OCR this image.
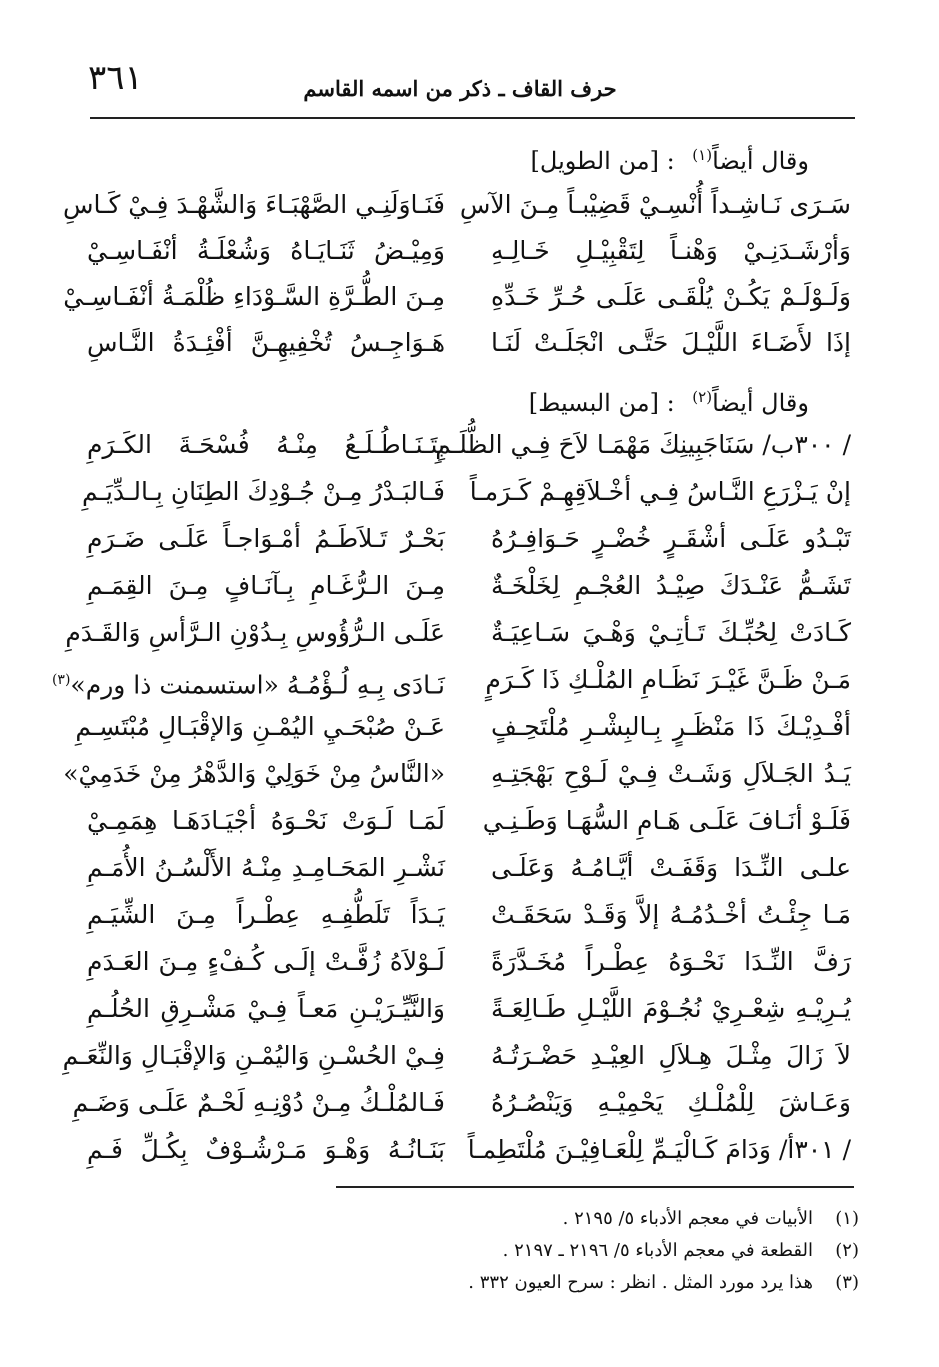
٣٦١	حرف القاف ـ ذكر من اسمه القاسم
وقال أيضاً$^{(١)}$ : [من الطويل]
سَـرَى نَـاشِـداً أُنْسِـيْ قَضِيْبـاً مِـنَ الآسِ
وَأرْشَـدَنِـيْ وَهْنـاً لِتَقْبِيْـلِ خَـالِـهِ
وَلَـوْلَـمْ يَكُـنْ يُلْقَـى عَلَـى حُـرِّ خَـدِّهِ
إذَا لأَضَـاءَ اللَّيْـلَ حَتَّـى انْجَلَـتْ لَنَـا
فَنَـاوَلَنِـي الصَّهْبَـاءَ وَالشَّهْـدَ فِـيْ كَـاسِ
وَمِيْـضُ ثَنَـايَـاهُ وَشُعْلَـةُ أنْفَـاسِـيْ
مِـنَ الطُّـرَّةِ السَّـوْدَاءِ ظُلْمَـةُ أنْفَـاسِـيْ
هَـوَاجِـسُ تُخْفِيهِـنَّ أفْئِـدَةُ النَّـاسِ
وقال أيضاً$^{(٢)}$ : [من البسيط]
/ ٣٠٠ب/ سَنَاجَبِينِكَ مَهْمَـا لاَحَ فِـي الظُّلَـمِ
إنْ يَـزْرَعِ النَّـاسُ فِـي أخْـلاَقِهِـمْ كَـرَمـاً
تَبْـدُو عَلَـى أشْقَـرٍ خُضْـرٍ حَـوَافِـرُهُ
تَشَـمُّ عَنْـدَكَ صِيْـدُ العُجْـمِ لِخَلْخَـةٌ
كَـادَتْ لِحُبِّـكَ تَـأتِـيْ وَهْـيَ سَـاعِيَـةٌ
مَـنْ ظَـنَّ غَيْـرَ نَظَـامِ المُلْـكِ ذَا كَـرَمٍ
أفْـدِيْـكَ ذَا مَنْظَـرٍ بِـالبِشْـرِ مُلْتَحِـفٍ
يَـدُ الجَـلاَلِ وَشَـتْ فِـيْ لَـوْحِ بَهْجَتِـهِ
فَلَـوْ أنَـافَ عَلَـى هَـامِ السُّهَـا وَطَـنِـي
علـى النِّـدَا وَقَفَـتْ أيَّـامُـهُ وَعَلَـى
مَـا جِئْـتُ أخْـدُمُـهُ إلاَّ وَقَـدْ سَحَقَـتْ
رَفَّ النِّـدَا نَحْـوَهُ عِطْـراً مُخَـدَّرَةً
يُـرِيْـهِ شِعْـرِيْ نُجُـوْمَ اللَّيْـلِ طَـالِعَـةً
لاَ زَالَ مِثْـلَ هِـلاَلِ العِيْـدِ حَضْـرَتُـهُ
وَعَـاشَ لِلْمُلْـكِ يَحْمِيْـهِ وَيَنْصُـرُهُ
/ ٣٠١أ/ وَدَامَ كَـالْيَـمِّ لِلْعَـافِيْـنَ مُلْتَطِمـاً
بِتَـنَـاطُـلَـعُ مِنْـهُ فُسْحَـةَ الكَـرَمِ
فَـالبَـدْرُ مِـنْ جُـوْدِكَ الطِنَانِ بِـالـدِّيَـمِ
بَحْـرٌ تَـلاَطَـمُ أمْـوَاجـاً عَلَـى ضَـرَمِ
مِـنَ الـرُّغَـامِ بِـآنَـافٍ مِـنَ القِمَـمِ
عَلَـى الـرُّؤُوسِ بِـدُوْنِ الـرَّأسِ وَالقَـدَمِ
نَـادَى بِـهِ لُـؤْمُـهُ «استسمنت ذا ورم»$^{(٣)}$
عَـنْ صُبْحَـيِ اليُمْـنِ وَالإقْبَـالِ مُبْتَسِـمِ
«النَّاسُ مِنْ خَوَلِيْ وَالدَّهْرُ مِنْ خَدَمِيْ»
لَمَـا لَـوَتْ نَحْـوَهُ أجْيَـادَهَـا هِمَمِـيْ
نَشْـرِ المَحَـامِـدِ مِنْـهُ الأَلْسُـنُ الأُمَـمِ
يَـدَاً تَلَطُّفِـهِ عِطْـراً مِـنَ الشِّيَـمِ
لَـوْلاَهُ زُفَّـتْ إلَـى كُـفْءٍ مِـنَ العَـدَمِ
وَالنَّيِّـرَيْـنِ مَعـاً فِـيْ مَشْـرِقِ الحُلُـمِ
فِـيْ الحُسْـنِ وَاليُمْـنِ وَالإقْبَـالِ وَالنِّعَـمِ
فَـالمُلْـكُ مِـنْ دُوْنِـهِ لَحْـمٌ عَلَـى وَضَـمِ
بَنَـانُـهُ وَهْـوَ مَـرْشُـوْفٌ بِكُـلِّ فَـمِ
(١)الأبيات في معجم الأدباء ٥/ ٢١٩٥ .
(٢)القطعة في معجم الأدباء ٥/ ٢١٩٦ ـ ٢١٩٧ .
(٣)هذا يرد مورد المثل . انظر : سرح العيون ٣٣٢ .
